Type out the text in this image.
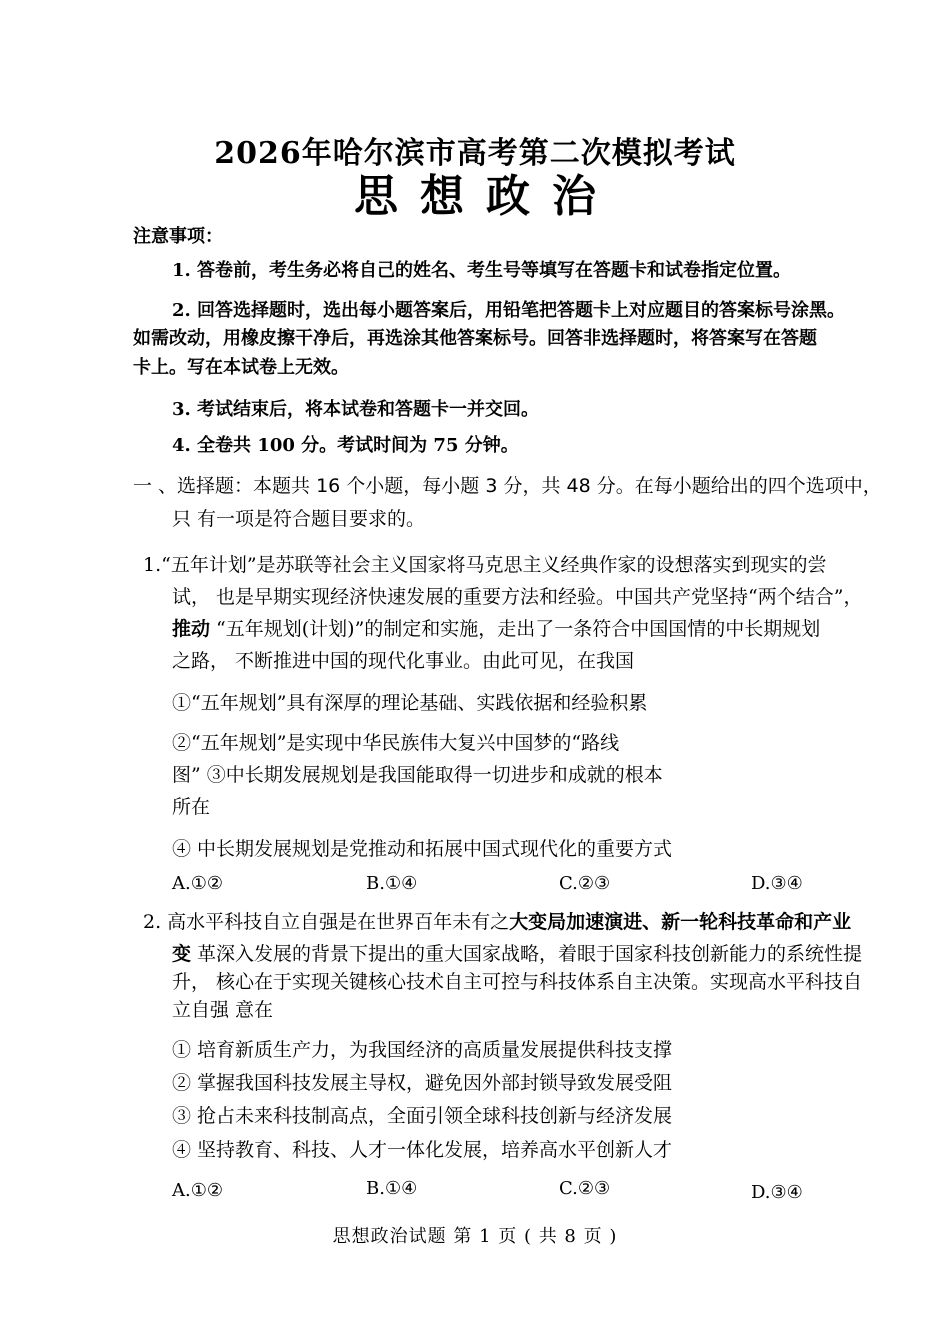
2026年哈尔滨市高考第二次模拟考试
思想政治
注意事项：
1. 答卷前，考生务必将自己的姓名、考生号等填写在答题卡和试卷指定位置。
2. 回答选择题时，选出每小题答案后，用铅笔把答题卡上对应题目的答案标号涂黑。
如需改动，用橡皮擦干净后，再选涂其他答案标号。回答非选择题时，将答案写在答题
卡上。写在本试卷上无效。
3. 考试结束后，将本试卷和答题卡一并交回。
4. 全卷共 100 分。考试时间为 75 分钟。
一 、选择题：本题共 16 个小题，每小题 3 分，共 48 分。在每小题给出的四个选项中，
只 有一项是符合题目要求的。
1.“五年计划”是苏联等社会主义国家将马克思主义经典作家的设想落实到现实的尝
试， 也是早期实现经济快速发展的重要方法和经验。中国共产党坚持“两个结合”，
推动 “五年规划(计划)”的制定和实施，走出了一条符合中国国情的中长期规划
之路， 不断推进中国的现代化事业。由此可见，在我国
①“五年规划”具有深厚的理论基础、实践依据和经验积累
②“五年规划”是实现中华民族伟大复兴中国梦的“路线
图” ③中长期发展规划是我国能取得一切进步和成就的根本
所在
④ 中长期发展规划是党推动和拓展中国式现代化的重要方式
A.①②	B.①④	C.②③	D.③④
2. 高水平科技自立自强是在世界百年未有之大变局加速演进、新一轮科技革命和产业
变 革深入发展的背景下提出的重大国家战略，着眼于国家科技创新能力的系统性提
升， 核心在于实现关键核心技术自主可控与科技体系自主决策。实现高水平科技自
立自强 意在
① 培育新质生产力，为我国经济的高质量发展提供科技支撑
② 掌握我国科技发展主导权，避免因外部封锁导致发展受阻
③ 抢占未来科技制高点，全面引领全球科技创新与经济发展
④ 坚持教育、科技、人才一体化发展，培养高水平创新人才
A.①②	B.①④	C.②③	D.③④
思想政治试题 第 1 页 ( 共 8 页 )
